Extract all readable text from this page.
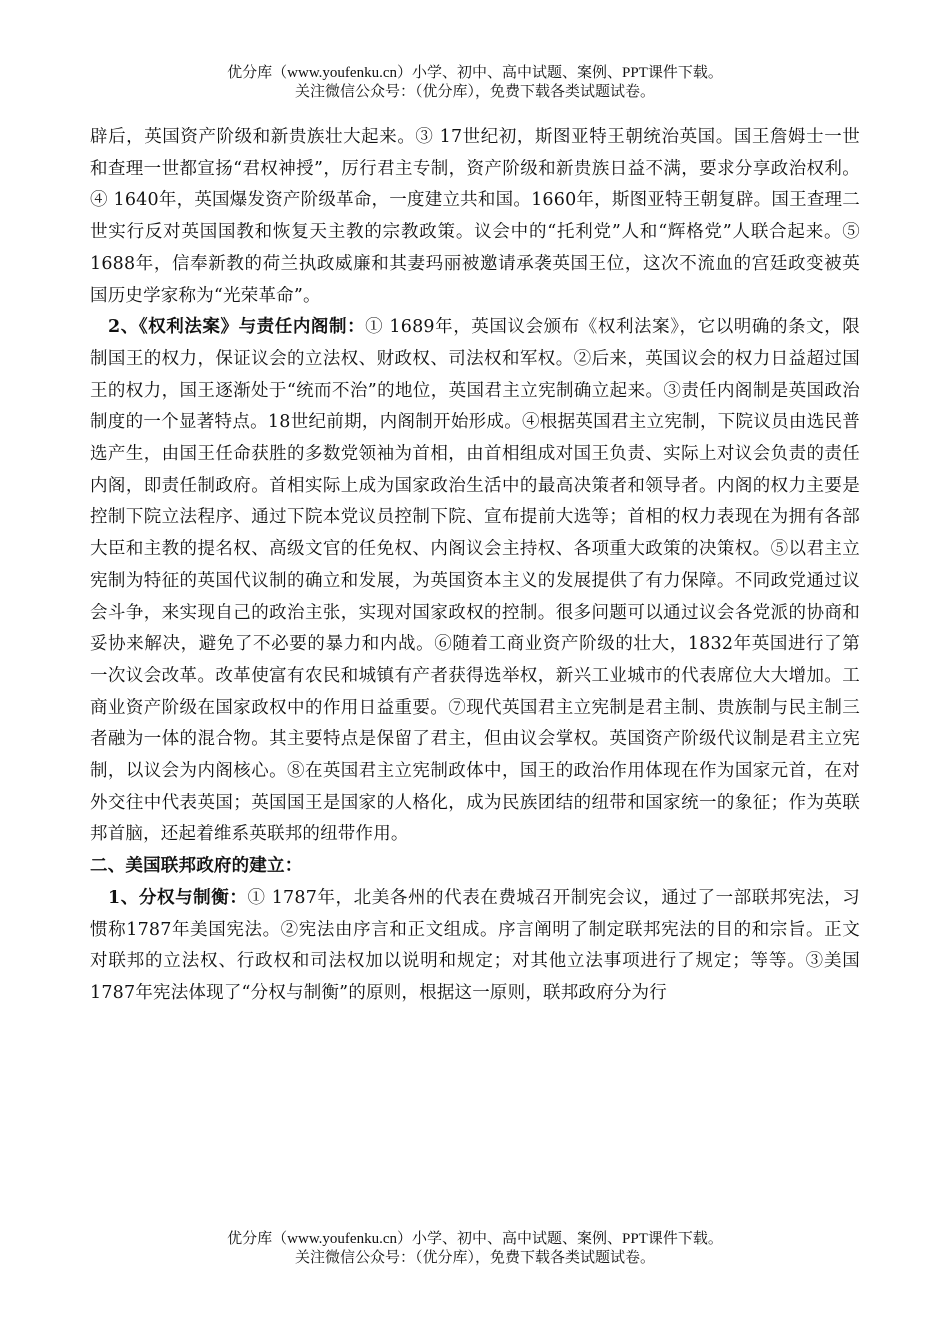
优分库（www.youfenku.cn）小学、初中、高中试题、案例、PPT课件下载。
关注微信公众号：（优分库），免费下载各类试题试卷。

辟后，英国资产阶级和新贵族壮大起来。③ 17世纪初，斯图亚特王朝统治英国。国王詹姆士一世和查理一世都宣扬“君权神授”，厉行君主专制，资产阶级和新贵族日益不满，要求分享政治权利。④ 1640年，英国爆发资产阶级革命，一度建立共和国。1660年，斯图亚特王朝复辟。国王查理二世实行反对英国国教和恢复天主教的宗教政策。议会中的“托利党”人和“辉格党”人联合起来。⑤ 1688年，信奉新教的荷兰执政威廉和其妻玛丽被邀请承袭英国王位，这次不流血的宫廷政变被英国历史学家称为“光荣革命”。

2、《权利法案》与责任内阁制：① 1689年，英国议会颁布《权利法案》，它以明确的条文，限制国王的权力，保证议会的立法权、财政权、司法权和军权。②后来，英国议会的权力日益超过国王的权力，国王逐渐处于“统而不治”的地位，英国君主立宪制确立起来。③责任内阁制是英国政治制度的一个显著特点。18世纪前期，内阁制开始形成。④根据英国君主立宪制，下院议员由选民普选产生，由国王任命获胜的多数党领袖为首相，由首相组成对国王负责、实际上对议会负责的责任内阁，即责任制政府。首相实际上成为国家政治生活中的最高决策者和领导者。内阁的权力主要是控制下院立法程序、通过下院本党议员控制下院、宣布提前大选等；首相的权力表现在为拥有各部大臣和主教的提名权、高级文官的任免权、内阁议会主持权、各项重大政策的决策权。⑤以君主立宪制为特征的英国代议制的确立和发展，为英国资本主义的发展提供了有力保障。不同政党通过议会斗争，来实现自己的政治主张，实现对国家政权的控制。很多问题可以通过议会各党派的协商和妥协来解决，避免了不必要的暴力和内战。⑥随着工商业资产阶级的壮大，1832年英国进行了第一次议会改革。改革使富有农民和城镇有产者获得选举权，新兴工业城市的代表席位大大增加。工商业资产阶级在国家政权中的作用日益重要。⑦现代英国君主立宪制是君主制、贵族制与民主制三者融为一体的混合物。其主要特点是保留了君主，但由议会掌权。英国资产阶级代议制是君主立宪制，以议会为内阁核心。⑧在英国君主立宪制政体中，国王的政治作用体现在作为国家元首，在对外交往中代表英国；英国国王是国家的人格化，成为民族团结的纽带和国家统一的象征；作为英联邦首脑，还起着维系英联邦的纽带作用。

二、美国联邦政府的建立：

1、分权与制衡：① 1787年，北美各州的代表在费城召开制宪会议，通过了一部联邦宪法，习惯称1787年美国宪法。②宪法由序言和正文组成。序言阐明了制定联邦宪法的目的和宗旨。正文对联邦的立法权、行政权和司法权加以说明和规定；对其他立法事项进行了规定；等等。③美国1787年宪法体现了“分权与制衡”的原则，根据这一原则，联邦政府分为行

优分库（www.youfenku.cn）小学、初中、高中试题、案例、PPT课件下载。
关注微信公众号：（优分库），免费下载各类试题试卷。
